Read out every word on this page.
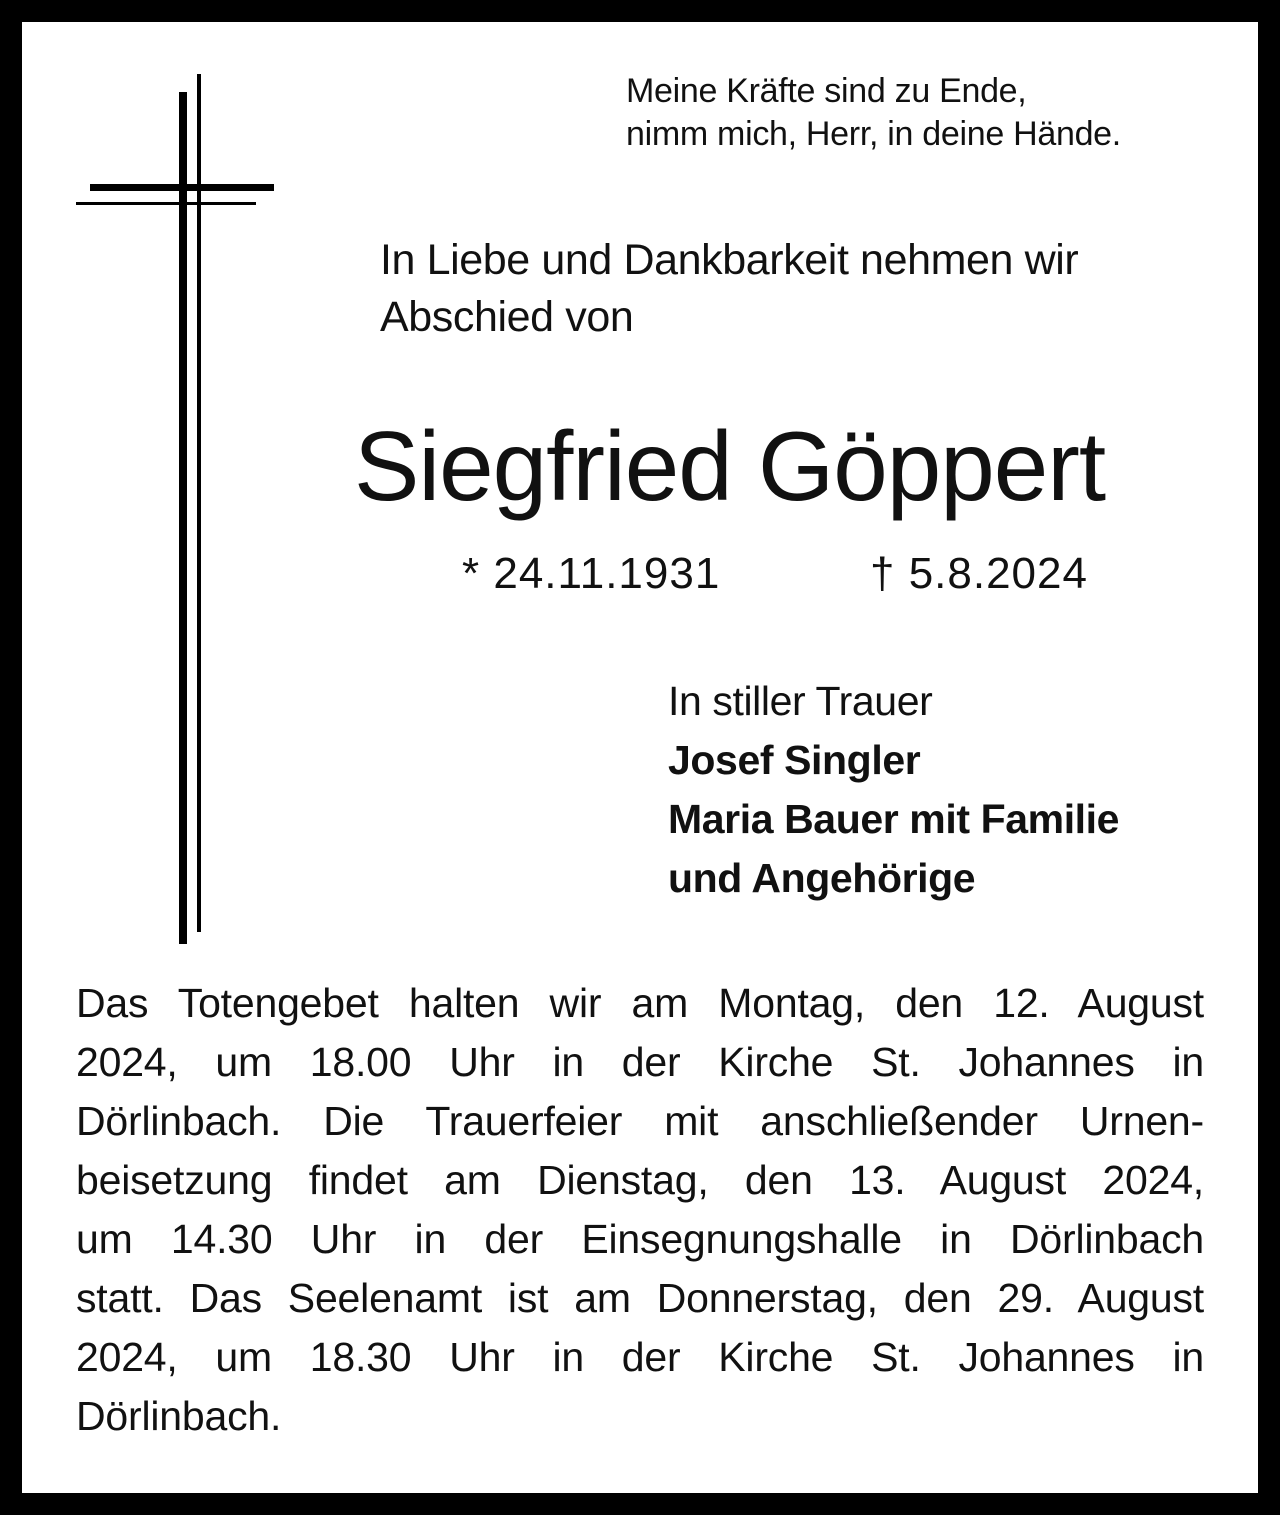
Meine Kräfte sind zu Ende,
nimm mich, Herr, in deine Hände.
In Liebe und Dankbarkeit nehmen wir
Abschied von
Siegfried Göppert
* 24.11.1931	† 5.8.2024
In stiller Trauer
Josef Singler
Maria Bauer mit Familie
und Angehörige
Das Totengebet halten wir am Montag, den 12. August
2024, um 18.00 Uhr in der Kirche St. Johannes in
Dörlinbach. Die Trauerfeier mit anschließender Urnen-
beisetzung findet am Dienstag, den 13. August 2024,
um 14.30 Uhr in der Einsegnungshalle in Dörlinbach
statt. Das Seelenamt ist am Donnerstag, den 29. August
2024, um 18.30 Uhr in der Kirche St. Johannes in
Dörlinbach.
